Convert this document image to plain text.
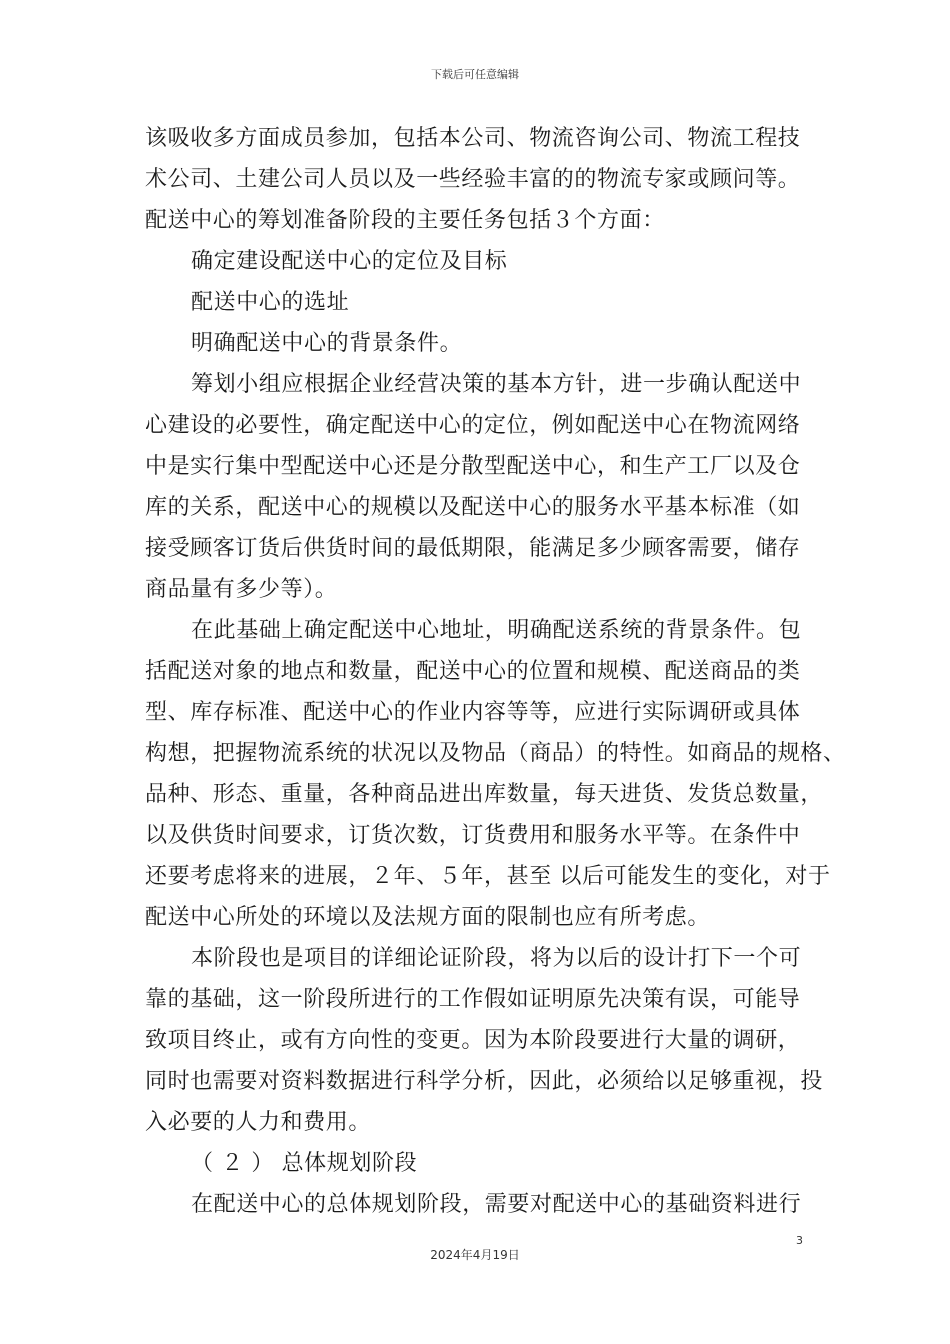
下载后可任意编辑
该吸收多方面成员参加，包括本公司、物流咨询公司、物流工程技
术公司、土建公司人员以及一些经验丰富的的物流专家或顾问等。
配送中心的筹划准备阶段的主要任务包括３个方面：
确定建设配送中心的定位及目标
配送中心的选址
明确配送中心的背景条件。
筹划小组应根据企业经营决策的基本方针，进一步确认配送中
心建设的必要性，确定配送中心的定位，例如配送中心在物流网络
中是实行集中型配送中心还是分散型配送中心，和生产工厂以及仓
库的关系，配送中心的规模以及配送中心的服务水平基本标准（如
接受顾客订货后供货时间的最低期限，能满足多少顾客需要，储存
商品量有多少等）。
在此基础上确定配送中心地址，明确配送系统的背景条件。包
括配送对象的地点和数量，配送中心的位置和规模、配送商品的类
型、库存标准、配送中心的作业内容等等，应进行实际调研或具体
构想，把握物流系统的状况以及物品（商品）的特性。如商品的规格、
品种、形态、重量，各种商品进出库数量，每天进货、发货总数量，
以及供货时间要求，订货次数，订货费用和服务水平等。在条件中
还要考虑将来的进展，２年、５年，甚至 以后可能发生的变化，对于
配送中心所处的环境以及法规方面的限制也应有所考虑。
本阶段也是项目的详细论证阶段，将为以后的设计打下一个可
靠的基础，这一阶段所进行的工作假如证明原先决策有误，可能导
致项目终止，或有方向性的变更。因为本阶段要进行大量的调研，
同时也需要对资料数据进行科学分析，因此，必须给以足够重视，投
入必要的人力和费用。
（ ２ ） 总体规划阶段
在配送中心的总体规划阶段，需要对配送中心的基础资料进行
3
2024年4月19日
